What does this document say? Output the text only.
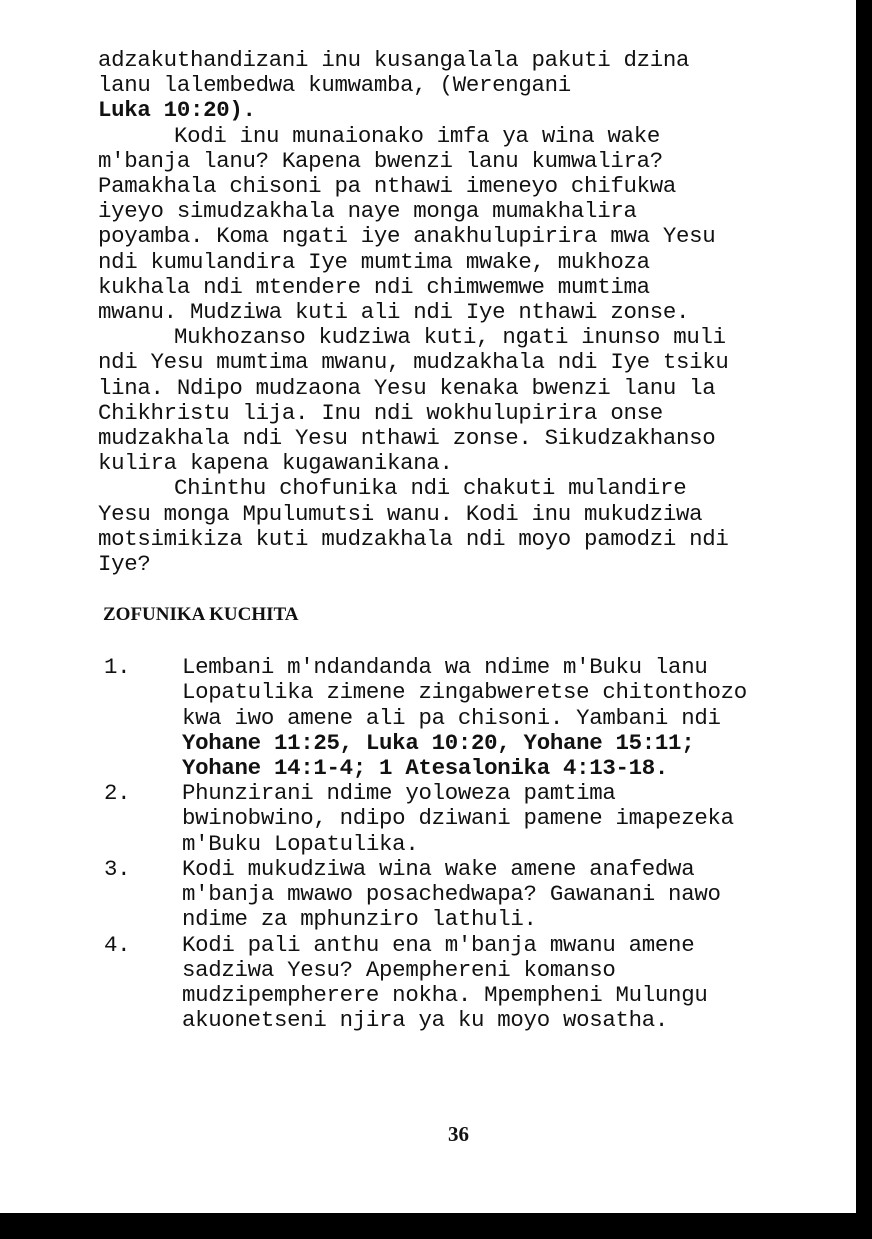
adzakuthandizani inu kusangalala pakuti dzina
lanu lalembedwa kumwamba, (Werengani
Luka 10:20).

Kodi inu munaionako imfa ya wina wake
m'banja lanu? Kapena bwenzi lanu kumwalira?
Pamakhala chisoni pa nthawi imeneyo chifukwa
iyeyo simudzakhala naye monga mumakhalira
poyamba. Koma ngati iye anakhulupirira mwa Yesu
ndi kumulandira Iye mumtima mwake, mukhoza
kukhala ndi mtendere ndi chimwemwe mumtima
mwanu. Mudziwa kuti ali ndi Iye nthawi zonse.

Mukhozanso kudziwa kuti, ngati inunso muli
ndi Yesu mumtima mwanu, mudzakhala ndi Iye tsiku
lina. Ndipo mudzaona Yesu kenaka bwenzi lanu la
Chikhristu lija. Inu ndi wokhulupirira onse
mudzakhala ndi Yesu nthawi zonse. Sikudzakhanso
kulira kapena kugawanikana.

Chinthu chofunika ndi chakuti mulandire
Yesu monga Mpulumutsi wanu. Kodi inu mukudziwa
motsimikiza kuti mudzakhala ndi moyo pamodzi ndi
Iye?

ZOFUNIKA KUCHITA
1.	Lembani m'ndandanda wa ndime m'Buku lanu
Lopatulika zimene zingabweretse chitonthozo
kwa iwo amene ali pa chisoni. Yambani ndi
Yohane 11:25, Luka 10:20, Yohane 15:11;
Yohane 14:1-4; 1 Atesalonika 4:13-18.
2.	Phunzirani ndime yoloweza pamtima
bwinobwino, ndipo dziwani pamene imapezeka
m'Buku Lopatulika.
3.	Kodi mukudziwa wina wake amene anafedwa
m'banja mwawo posachedwapa? Gawanani nawo
ndime za mphunziro lathuli.
4.	Kodi pali anthu ena m'banja mwanu amene
sadziwa Yesu? Apemphereni komanso
mudzipempherere nokha. Mpempheni Mulungu
akuonetseni njira ya ku moyo wosatha.
36
